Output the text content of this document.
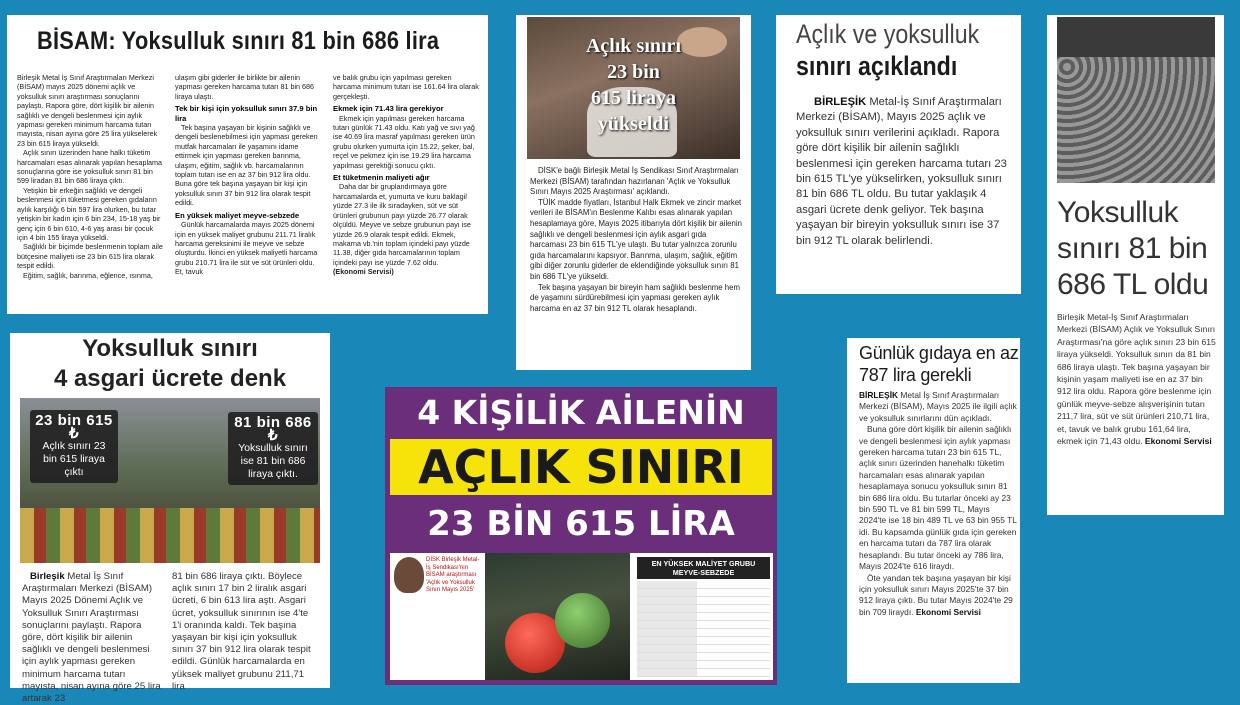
BİSAM: Yoksulluk sınırı 81 bin 686 lira

Birleşik Metal İş Sınıf Araştırmaları Merkezi (BİSAM) mayıs 2025 dönemi açlık ve yoksulluk sınırı araştırması sonuçlarını paylaştı. Rapora göre, dört kişilik bir ailenin sağlıklı ve dengeli beslenmesi için aylık yapması gereken minimum harcama tutarı mayısta, nisan ayına göre 25 lira yükselerek 23 bin 615 liraya yükseldi.

Açlık sınırı üzerinden hane halkı tüketim harcamaları esas alınarak yapılan hesaplama sonuçlarına göre ise yoksulluk sınırı 81 bin 599 liradan 81 bin 686 liraya çıktı.

Yetişkin bir erkeğin sağlıklı ve dengeli beslenmesi için tüketmesi gereken gıdaların aylık karşılığı 6 bin 597 lira olurken, bu tutar yetişkin bir kadın için 6 bin 234, 15-18 yaş bir genç için 6 bin 610, 4-6 yaş arası bir çocuk için 4 bin 155 liraya yükseldi.

Sağlıklı bir biçimde beslenmenin toplam aile bütçesine maliyeti ise 23 bin 615 lira olarak tespit edildi.

Eğitim, sağlık, barınma, eğlence, ısınma,

ulaşım gibi giderler ile birlikte bir ailenin yapması gereken harcama tutarı 81 bin 686 liraya ulaştı.

Tek bir kişi için yoksulluk sınırı 37.9 bin lira

Tek başına yaşayan bir kişinin sağlıklı ve dengeli beslenebilmesi için yapması gereken mutfak harcamaları ile yaşamını idame ettirmek için yapması gereken barınma, ulaşım, eğitim, sağlık vb. harcamalarının toplam tutarı ise en az 37 bin 912 lira oldu. Buna göre tek başına yaşayan bir kişi için yoksulluk sınırı 37 bin 912 lira olarak tespit edildi.

En yüksek maliyet meyve-sebzede

Günlük harcamalarda mayıs 2025 dönemi için en yüksek maliyet grubunu 211.71 liralık harcama gereksinimi ile meyve ve sebze oluşturdu. İkinci en yüksek maliyetli harcama grubu 210.71 lira ile süt ve süt ürünleri oldu. Et, tavuk

ve balık grubu için yapılması gereken harcama minimum tutarı ise 161.64 lira olarak gerçekleşti.

Ekmek için 71.43 lira gerekiyor

Ekmek için yapılması gereken harcama tutarı günlük 71.43 oldu. Katı yağ ve sıvı yağ ise 40.69 lira masraf yapılması gereken ürün grubu olurken yumurta için 15.22, şeker, bal, reçel ve pekmez için ise 19.29 lira harcama yapılması gerektiği sonucu çıktı.

Et tüketmenin maliyeti ağır

Daha dar bir gruplandırmaya göre harcamalarda et, yumurta ve kuru baklagil yüzde 27.3 ile ilk sıradayken, süt ve süt ürünleri grubunun payı yüzde 26.77 olarak ölçüldü. Meyve ve sebze grubunun payı ise yüzde 26.9 olarak tespit edildi. Ekmek, makarna vb.'nin toplam içindeki payı yüzde 11.38, diğer gıda harcamalarının toplam içindeki payı ise yüzde 7.62 oldu.

(Ekonomi Servisi)

Açlık sınırı
23 bin
615 liraya
yükseldi

DİSK'e bağlı Birleşik Metal İş Sendikası Sınıf Araştırmaları Merkezi (BİSAM) tarafından hazırlanan 'Açlık ve Yoksulluk Sınırı Mayıs 2025 Araştırması' açıklandı.

TÜİK madde fiyatları, İstanbul Halk Ekmek ve zincir market verileri ile BİSAM'ın Beslenme Kalıbı esas alınarak yapılan hesaplamaya göre, Mayıs 2025 itibarıyla dört kişilik bir ailenin sağlıklı ve dengeli beslenmesi için aylık asgari gıda harcaması 23 bin 615 TL'ye ulaştı. Bu tutar yalnızca zorunlu gıda harcamalarını kapsıyor. Barınma, ulaşım, sağlık, eğitim gibi diğer zorunlu giderler de eklendiğinde yoksulluk sınırı 81 bin 686 TL'ye yükseldi.

Tek başına yaşayan bir bireyin ham sağlıklı beslenme hem de yaşamını sürdürebilmesi için yapması gereken aylık harcama en az 37 bin 912 TL olarak hesaplandı.

Açlık ve yoksulluk
sınırı açıklandı
BİRLEŞİK Metal-İş Sınıf Araştırmaları Merkezi (BİSAM), Mayıs 2025 açlık ve yoksulluk sınırı verilerini açıkladı. Rapora göre dört kişilik bir ailenin sağlıklı beslenmesi için gereken harcama tutarı 23 bin 615 TL'ye yükselirken, yoksulluk sınırı 81 bin 686 TL oldu. Bu tutar yaklaşık 4 asgari ücrete denk geliyor. Tek başına yaşayan bir bireyin yoksulluk sınırı ise 37 bin 912 TL olarak belirlendi.
Yoksulluk sınırı 81 bin 686 TL oldu
Birleşik Metal-İş Sınıf Araştırmaları Merkezi (BİSAM) Açlık ve Yoksulluk Sınırı Araştırması'na göre açlık sınırı 23 bin 615 liraya yükseldi. Yoksulluk sınırı da 81 bin 686 liraya ulaştı. Tek başına yaşayan bir kişinin yaşam maliyeti ise en az 37 bin 912 lira oldu. Rapora göre beslenme için günlük meyve-sebze alışverişinin tutarı 211,7 lira, süt ve süt ürünleri 210,71 lira, et, tavuk ve balık grubu 161,64 lira, ekmek için 71,43 oldu. Ekonomi Servisi
Yoksulluk sınırı
4 asgari ücrete denk
23 bin 615 ₺
Açlık sınırı 23 bin 615 liraya çıktı
81 bin 686 ₺
Yoksulluk sınırı ise 81 bin 686 liraya çıktı.
Birleşik Metal İş Sınıf Araştırmaları Merkezi (BİSAM) Mayıs 2025 Dönemi Açlık ve Yoksulluk Sınırı Araştırması sonuçlarını paylaştı. Rapora göre, dört kişilik bir ailenin sağlıklı ve dengeli beslenmesi için aylık yapması gereken minimum harcama tutarı mayısta, nisan ayına göre 25 lira artarak 23
81 bin 686 liraya çıktı. Böylece açlık sınırı 17 bin 2 liralık asgari ücreti, 6 bin 613 lira aştı. Asgari ücret, yoksulluk sınırının ise 4'te 1'i oranında kaldı. Tek başına yaşayan bir kişi için yoksulluk sınırı 37 bin 912 lira olarak tespit edildi. Günlük harcamalarda en yüksek maliyet grubunu 211,71 lira
4 KİŞİLİK AİLENİN
AÇLIK SINIRI
23 BİN 615 LİRA
DİSK Birleşik Metal-İş Sendikası'nın BİSAM araştırması 'Açlık ve Yoksulluk Sınırı Mayıs 2025'
EN YÜKSEK MALİYET GRUBU MEYVE-SEBZEDE
Günlük gıdaya en az 787 lira gerekli

BİRLEŞİK Metal İş Sınıf Araştırmaları Merkezi (BİSAM), Mayıs 2025 ile ilgili açlık ve yoksulluk sınırlarını dün açıkladı.

Buna göre dört kişilik bir ailenin sağlıklı ve dengeli beslenmesi için aylık yapması gereken harcama tutarı 23 bin 615 TL, açlık sınırı üzerinden hanehalkı tüketim harcamaları esas alınarak yapılan hesaplamaya sonucu yoksulluk sınırı 81 bin 686 lira oldu. Bu tutarlar önceki ay 23 bin 590 TL ve 81 bin 599 TL, Mayıs 2024'te ise 18 bin 489 TL ve 63 bin 955 TL idi. Bu kapsamda günlük gıda için gereken en harcama tutarı da 787 lira olarak hesaplandı. Bu tutar önceki ay 786 lira, Mayıs 2024'te 616 liraydı.

Öte yandan tek başına yaşayan bir kişi için yoksulluk sınırı Mayıs 2025'te 37 bin 912 liraya çıktı. Bu tutar Mayıs 2024'te 29 bin 709 liraydı. Ekonomi Servisi
